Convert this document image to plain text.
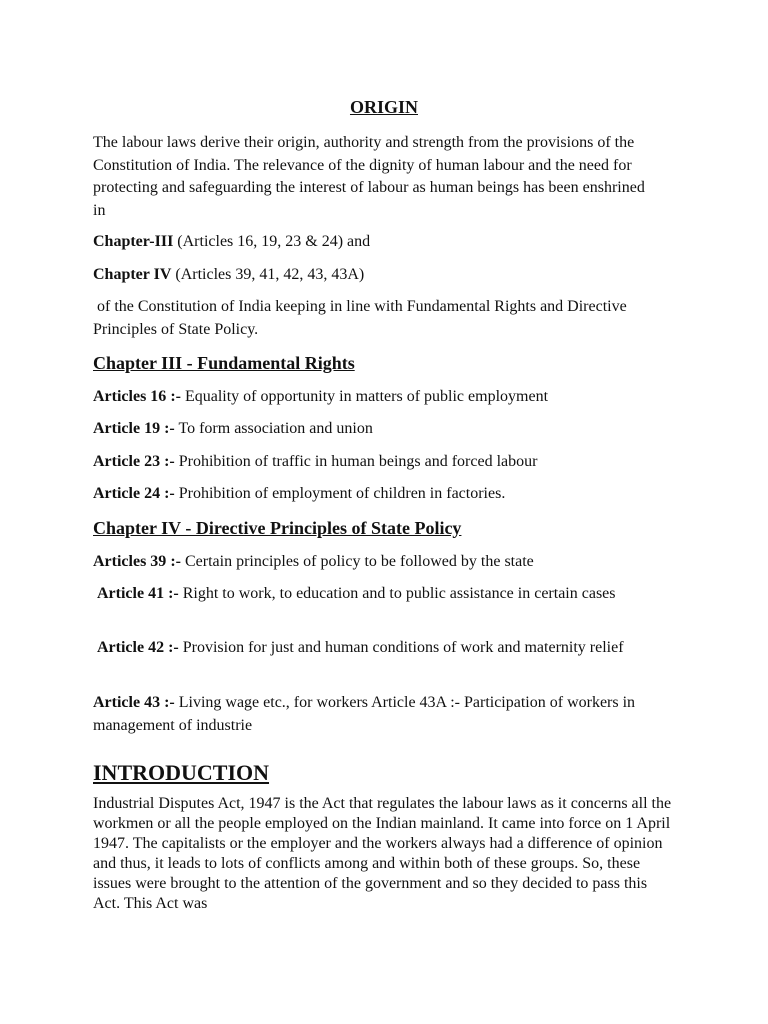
ORIGIN

The labour laws derive their origin, authority and strength from the provisions of the Constitution of India. The relevance of the dignity of human labour and the need for protecting and safeguarding the interest of labour as human beings has been enshrined in

Chapter-III (Articles 16, 19, 23 & 24) and

Chapter IV (Articles 39, 41, 42, 43, 43A)

of the Constitution of India keeping in line with Fundamental Rights and Directive Principles of State Policy.

Chapter III - Fundamental Rights

Articles 16 :- Equality of opportunity in matters of public employment

Article 19 :- To form association and union

Article 23 :- Prohibition of traffic in human beings and forced labour

Article 24 :- Prohibition of employment of children in factories.

Chapter IV - Directive Principles of State Policy

Articles 39 :- Certain principles of policy to be followed by the state

Article 41 :- Right to work, to education and to public assistance in certain cases

Article 42 :- Provision for just and human conditions of work and maternity relief

Article 43 :- Living wage etc., for workers Article 43A :- Participation of workers in management of industrie

INTRODUCTION

Industrial Disputes Act, 1947 is the Act that regulates the labour laws as it concerns all the workmen or all the people employed on the Indian mainland. It came into force on 1 April 1947. The capitalists or the employer and the workers always had a difference of opinion and thus, it leads to lots of conflicts among and within both of these groups. So, these issues were brought to the attention of the government and so they decided to pass this Act. This Act was
